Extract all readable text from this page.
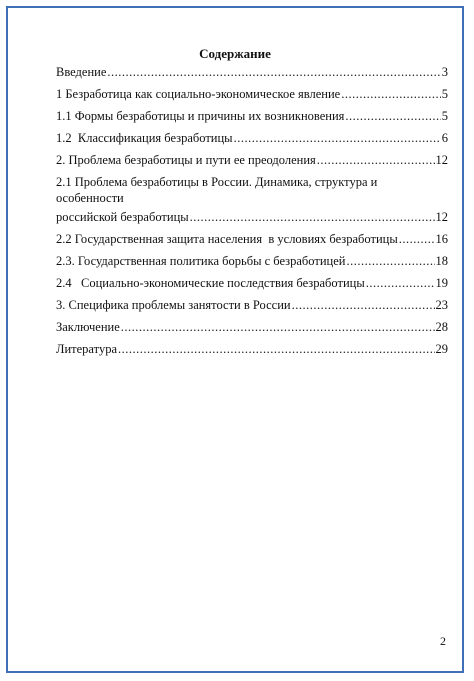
Содержание
Введение .....	3
1 Безработица как социально-экономическое явление .....	5
1.1 Формы безработицы и причины их возникновения .....	5
1.2  Классификация безработицы .....	6
2. Проблема безработицы и пути ее преодоления .....	12
2.1 Проблема безработицы в России. Динамика, структура и особенности
российской безработицы .....	12
2.2 Государственная защита населения  в условиях безработицы .....	16
2.3. Государственная политика борьбы с безработицей .....	18
2.4   Социально-экономические последствия безработицы .....	19
3. Специфика проблемы занятости в России .....	23
Заключение .....	28
Литература .....	29
2
